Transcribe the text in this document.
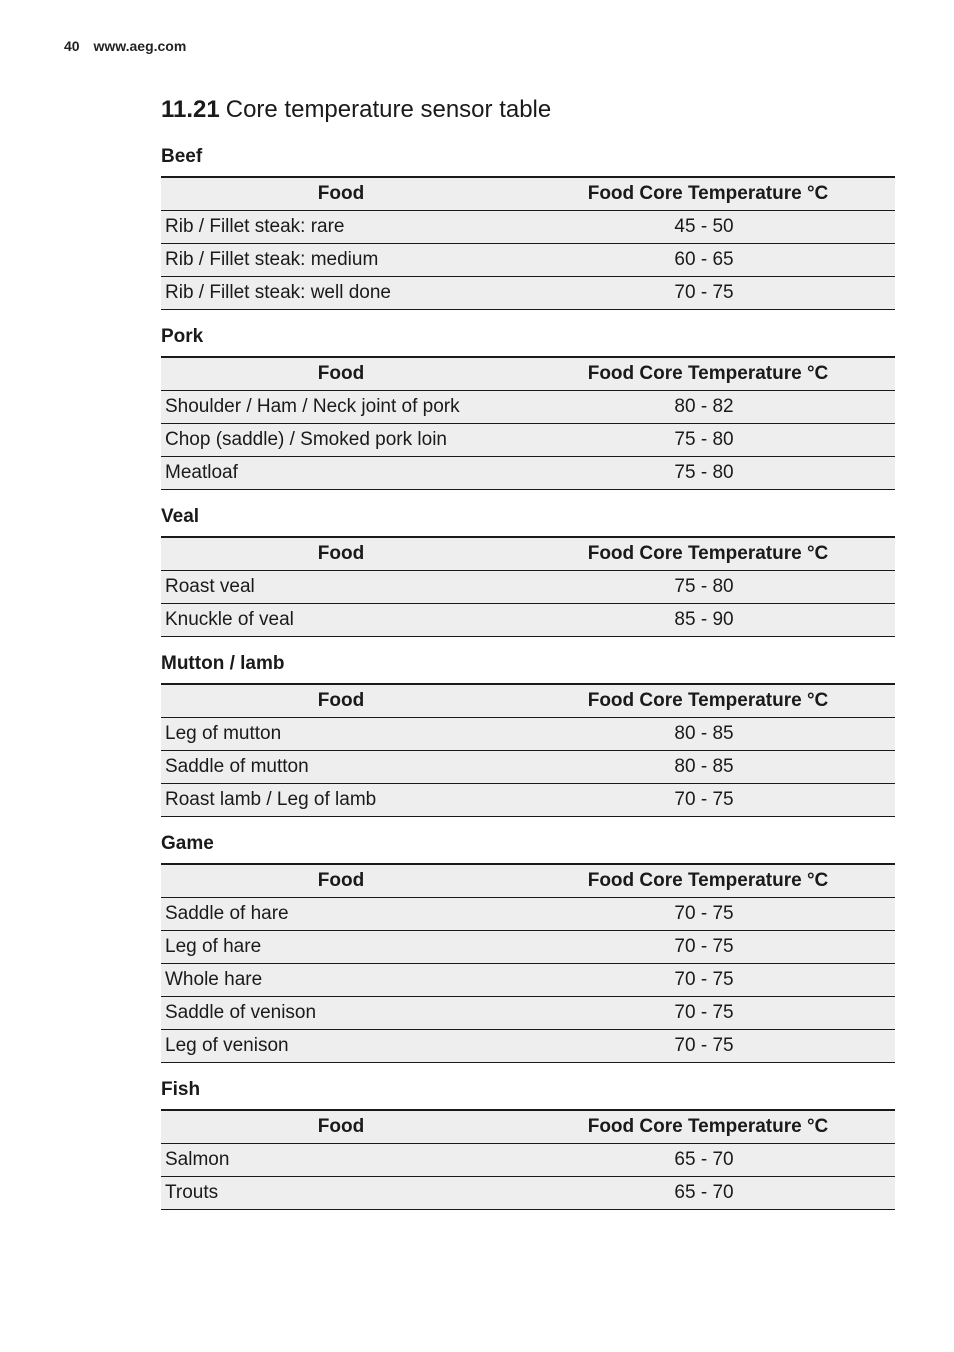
40 www.aeg.com
11.21 Core temperature sensor table
Beef
Food	Food Core Temperature °C
Rib / Fillet steak: rare	45 - 50
Rib / Fillet steak: medium	60 - 65
Rib / Fillet steak: well done	70 - 75
Pork
Food	Food Core Temperature °C
Shoulder / Ham / Neck joint of pork	80 - 82
Chop (saddle) / Smoked pork loin	75 - 80
Meatloaf	75 - 80
Veal
Food	Food Core Temperature °C
Roast veal	75 - 80
Knuckle of veal	85 - 90
Mutton / lamb
Food	Food Core Temperature °C
Leg of mutton	80 - 85
Saddle of mutton	80 - 85
Roast lamb / Leg of lamb	70 - 75
Game
Food	Food Core Temperature °C
Saddle of hare	70 - 75
Leg of hare	70 - 75
Whole hare	70 - 75
Saddle of venison	70 - 75
Leg of venison	70 - 75
Fish
Food	Food Core Temperature °C
Salmon	65 - 70
Trouts	65 - 70
